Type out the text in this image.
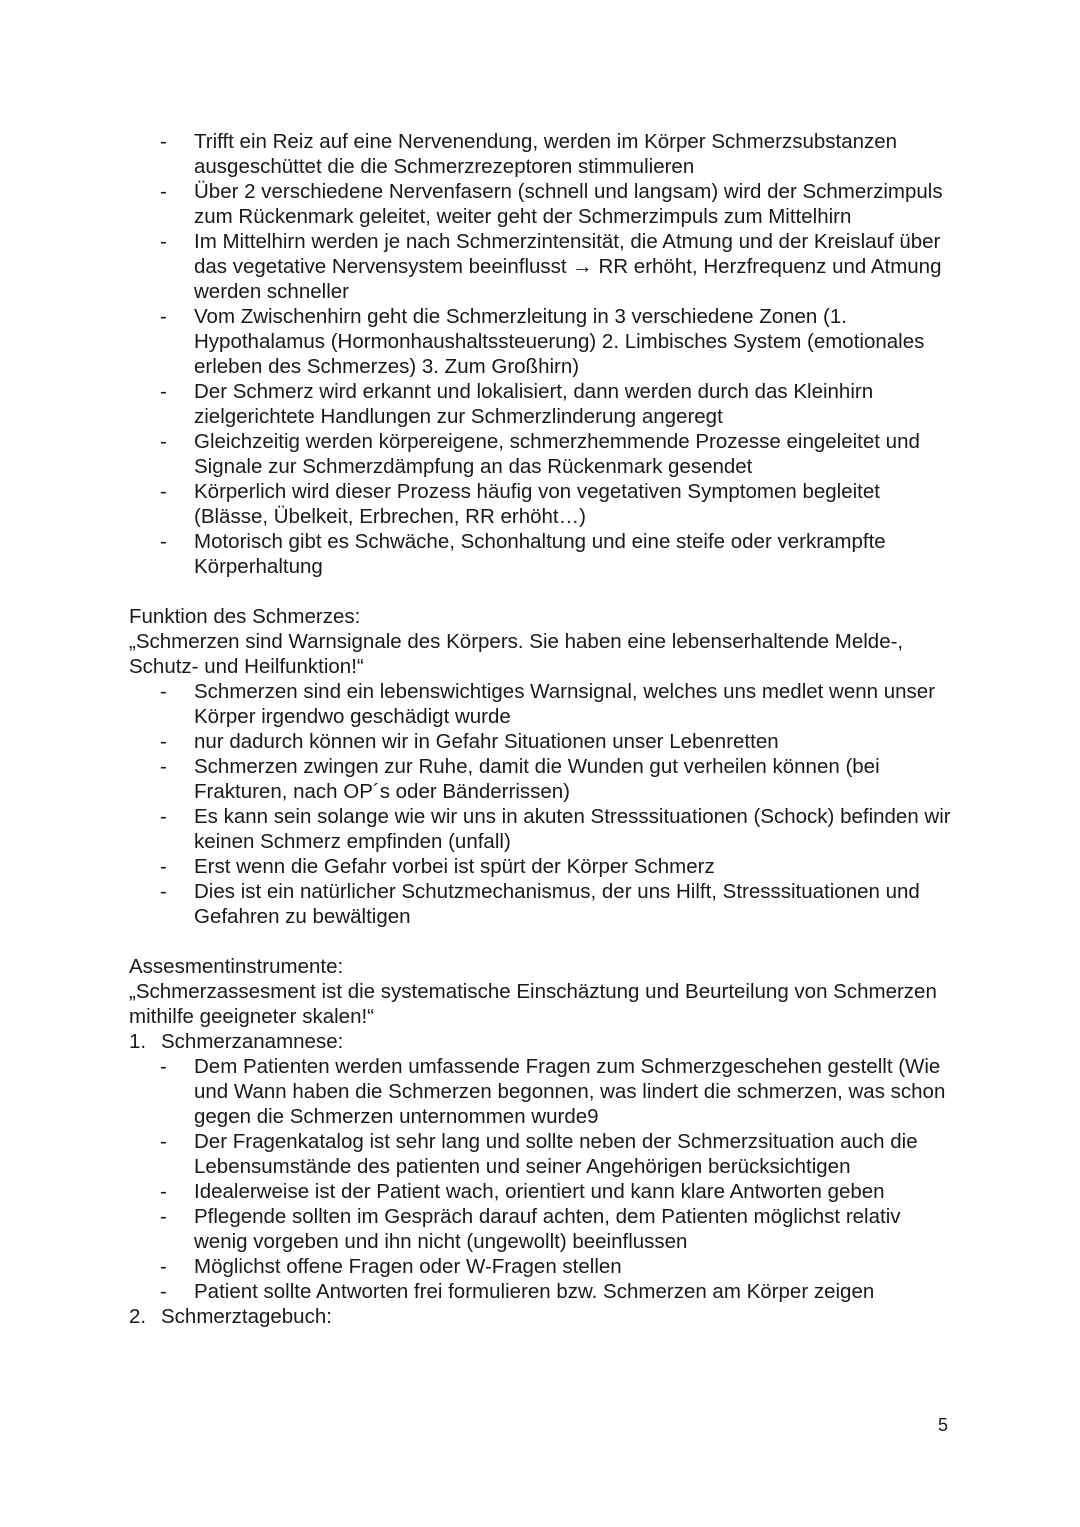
- Trifft ein Reiz auf eine Nervenendung, werden im Körper Schmerzsubstanzen ausgeschüttet die die Schmerzrezeptoren stimmulieren
- Über 2 verschiedene Nervenfasern (schnell und langsam) wird der Schmerzimpuls zum Rückenmark geleitet, weiter geht der Schmerzimpuls zum Mittelhirn
- Im Mittelhirn werden je nach Schmerzintensität, die Atmung und der Kreislauf über das vegetative Nervensystem beeinflusst → RR erhöht, Herzfrequenz und Atmung werden schneller
- Vom Zwischenhirn geht die Schmerzleitung in 3 verschiedene Zonen (1. Hypothalamus (Hormonhaushaltssteuerung) 2. Limbisches System (emotionales erleben des Schmerzes) 3. Zum Großhirn)
- Der Schmerz wird erkannt und lokalisiert, dann werden durch das Kleinhirn zielgerichtete Handlungen zur Schmerzlinderung angeregt
- Gleichzeitig werden körpereigene, schmerzhemmende Prozesse eingeleitet und Signale zur Schmerzdämpfung an das Rückenmark gesendet
- Körperlich wird dieser Prozess häufig von vegetativen Symptomen begleitet (Blässe, Übelkeit, Erbrechen, RR erhöht…)
- Motorisch gibt es Schwäche, Schonhaltung und eine steife oder verkrampfte Körperhaltung

Funktion des Schmerzes:

„Schmerzen sind Warnsignale des Körpers. Sie haben eine lebenserhaltende Melde-, Schutz- und Heilfunktion!“

- Schmerzen sind ein lebenswichtiges Warnsignal, welches uns medlet wenn unser Körper irgendwo geschädigt wurde
- nur dadurch können wir in Gefahr Situationen unser Lebenretten
- Schmerzen zwingen zur Ruhe, damit die Wunden gut verheilen können (bei Frakturen, nach OP´s oder Bänderrissen)
- Es kann sein solange wie wir uns in akuten Stresssituationen (Schock) befinden wir keinen Schmerz empfinden (unfall)
- Erst wenn die Gefahr vorbei ist spürt der Körper Schmerz
- Dies ist ein natürlicher Schutzmechanismus, der uns Hilft, Stresssituationen und Gefahren zu bewältigen

Assesmentinstrumente:

„Schmerzassesment ist die systematische Einschäztung und Beurteilung von Schmerzen mithilfe geeigneter skalen!“

1. Schmerzanamnese:
- Dem Patienten werden umfassende Fragen zum Schmerzgeschehen gestellt (Wie und Wann haben die Schmerzen begonnen, was lindert die schmerzen, was schon gegen die Schmerzen unternommen wurde9
- Der Fragenkatalog ist sehr lang und sollte neben der Schmerzsituation auch die Lebensumstände des patienten und seiner Angehörigen berücksichtigen
- Idealerweise ist der Patient wach, orientiert und kann klare Antworten geben
- Pflegende sollten im Gespräch darauf achten, dem Patienten möglichst relativ wenig vorgeben und ihn nicht (ungewollt) beeinflussen
- Möglichst offene Fragen oder W-Fragen stellen
- Patient sollte Antworten frei formulieren bzw. Schmerzen am Körper zeigen
2. Schmerztagebuch:
5
